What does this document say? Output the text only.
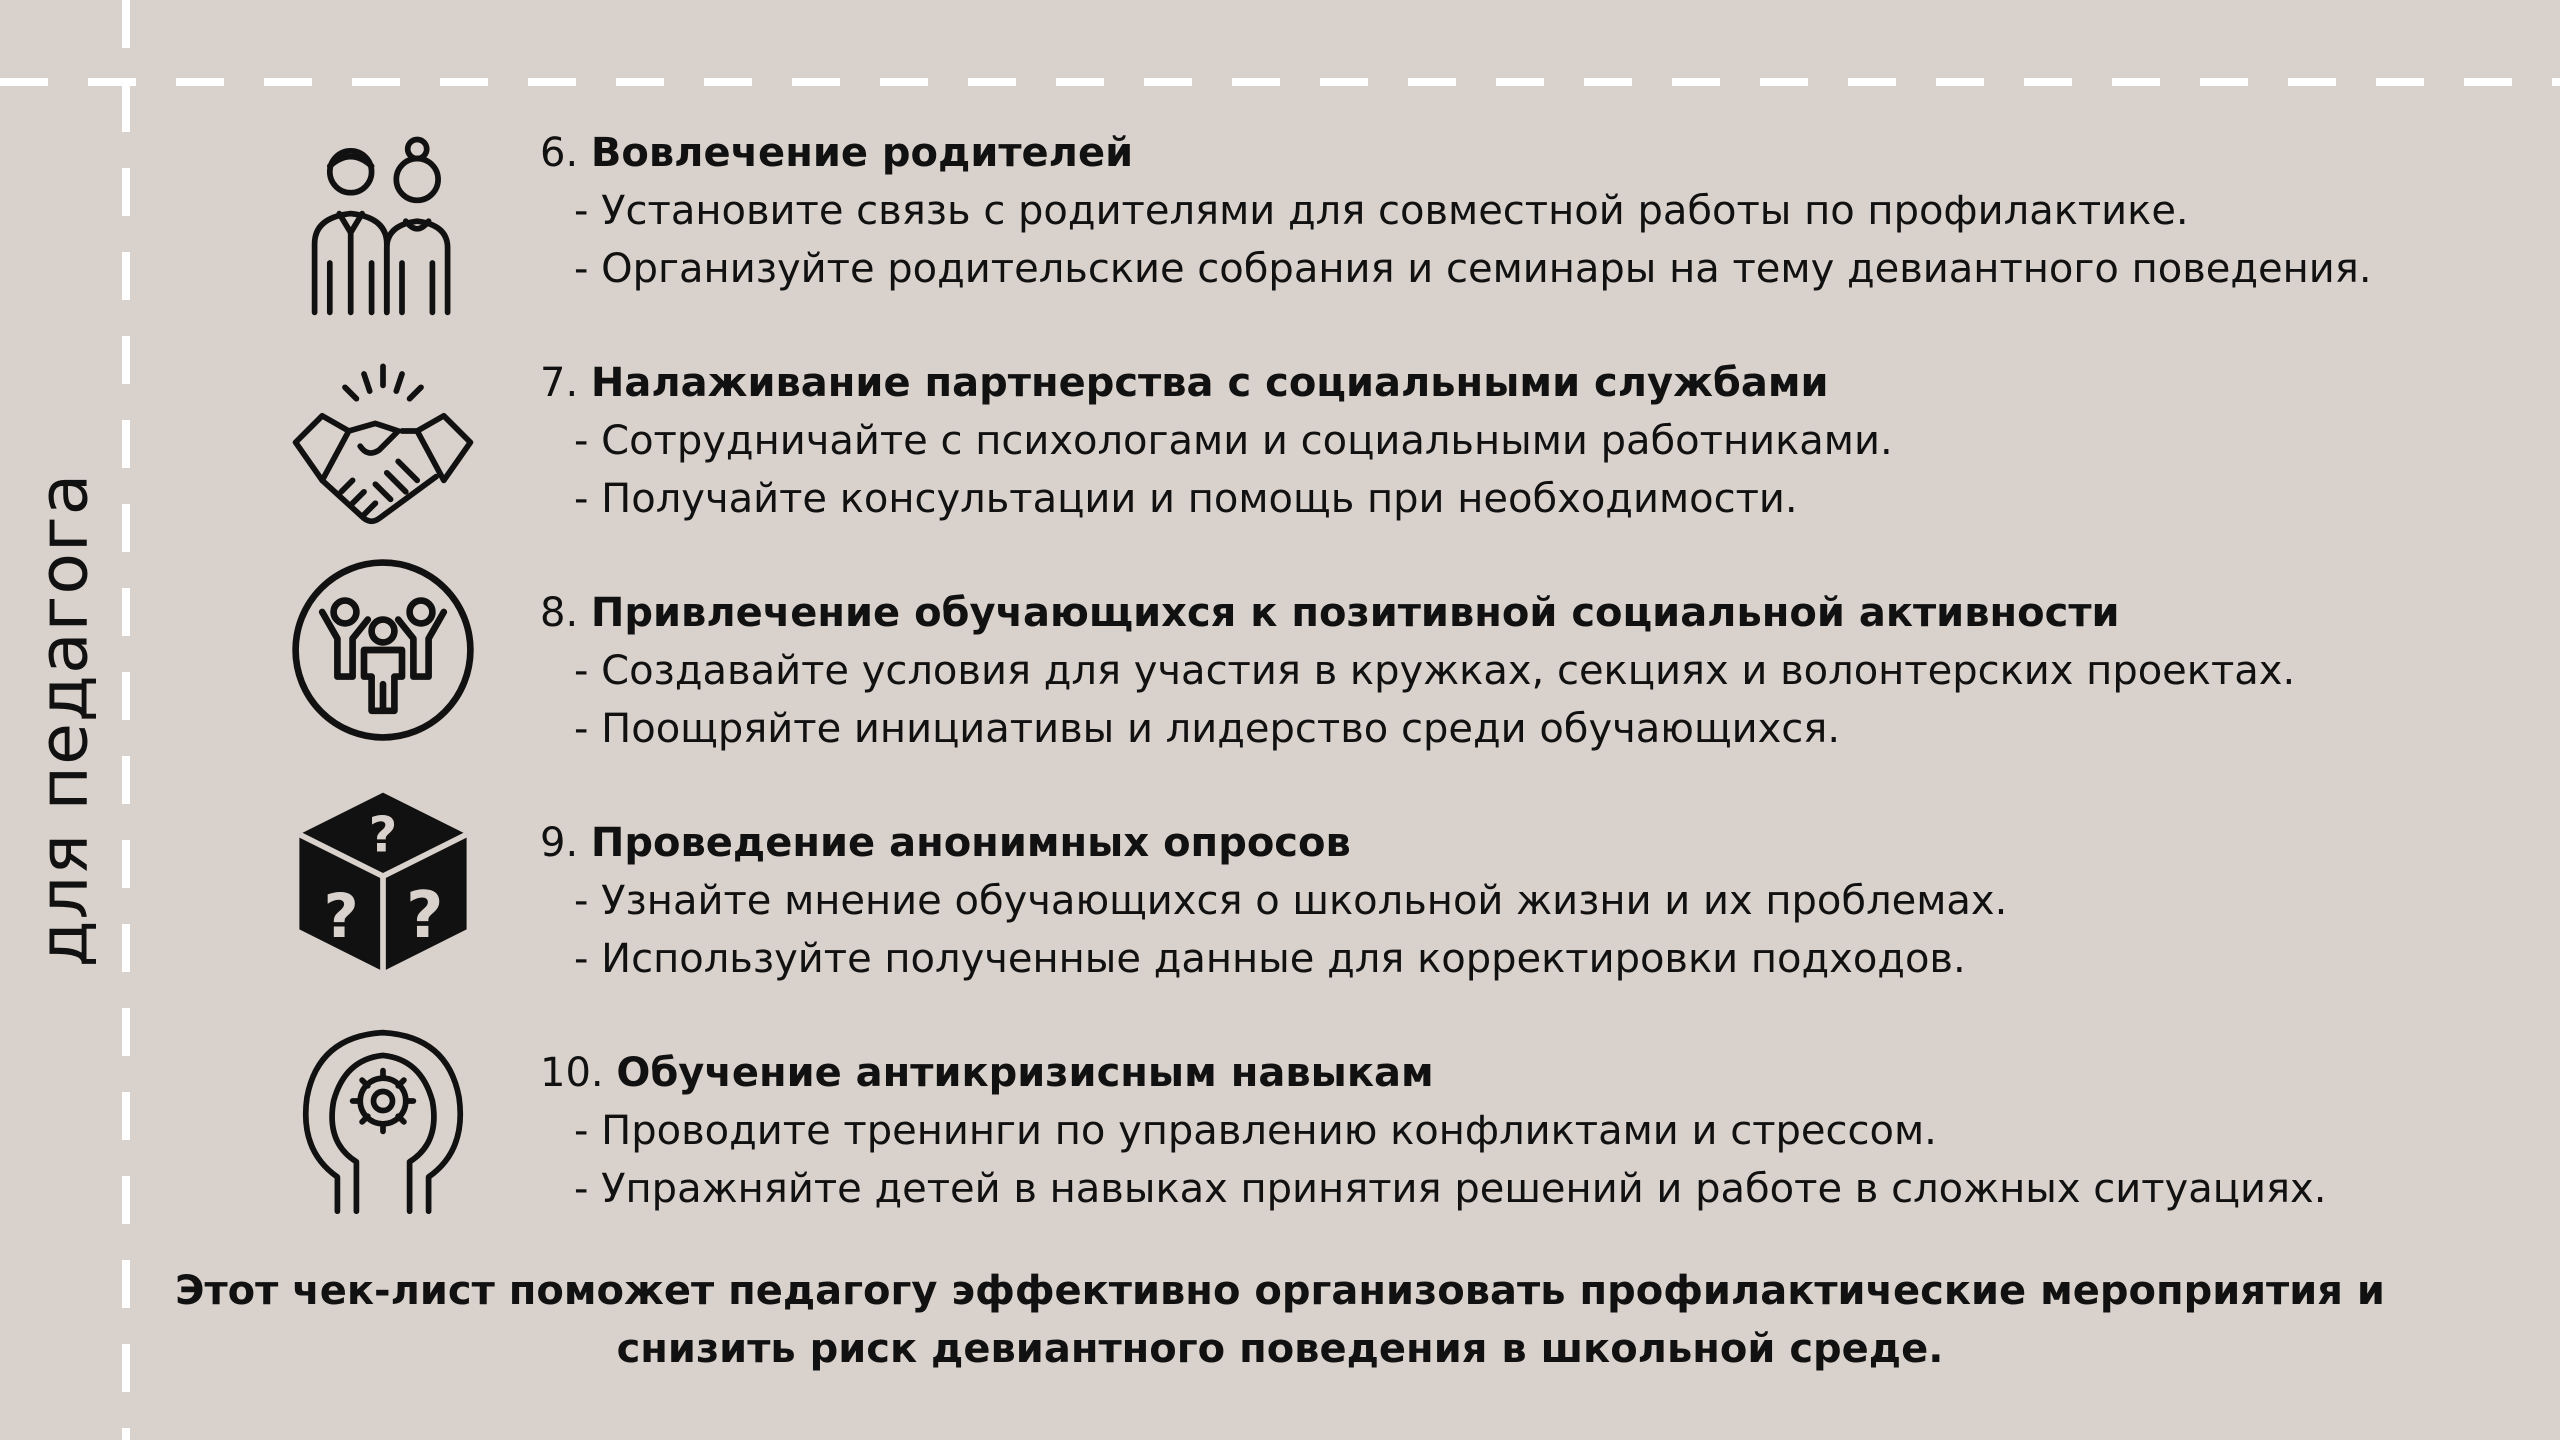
для педагога	?
? ?
6. Вовлечение родителей
- Установите связь с родителями для совместной работы по профилактике.
- Организуйте родительские собрания и семинары на тему девиантного поведения.
7. Налаживание партнерства с социальными службами
- Сотрудничайте с психологами и социальными работниками.
- Получайте консультации и помощь при необходимости.
8. Привлечение обучающихся к позитивной социальной активности
- Создавайте условия для участия в кружках, секциях и волонтерских проектах.
- Поощряйте инициативы и лидерство среди обучающихся.
9. Проведение анонимных опросов
- Узнайте мнение обучающихся о школьной жизни и их проблемах.
- Используйте полученные данные для корректировки подходов.
10. Обучение антикризисным навыкам
- Проводите тренинги по управлению конфликтами и стрессом.
- Упражняйте детей в навыках принятия решений и работе в сложных ситуациях.
Этот чек-лист поможет педагогу эффективно организовать профилактические мероприятия и
снизить риск девиантного поведения в школьной среде.
